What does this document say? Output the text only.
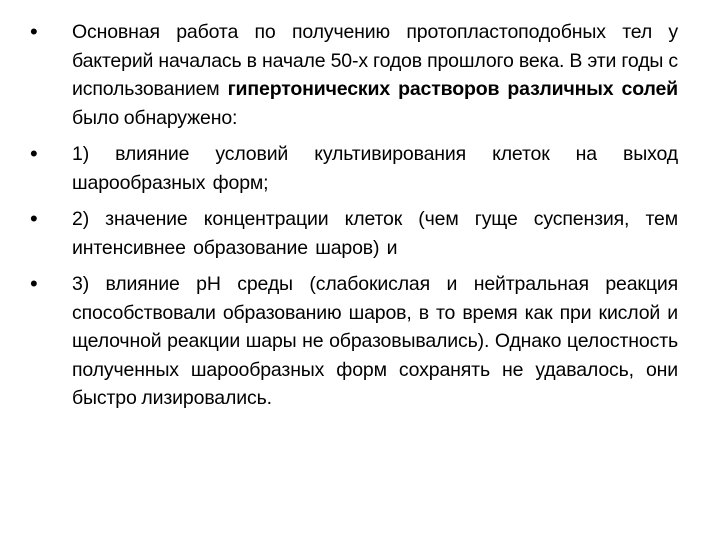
•	Основная работа по получению протопластоподобных тел у бактерий началась в начале 50-х годов прошлого века. В эти годы с использованием гипертонических растворов различных солей было обнаружено:
•	1) влияние условий культивирования клеток на выход шарообразных форм;
•	2) значение концентрации клеток (чем гуще суспензия, тем интенсивнее образование шаров) и
•	3) влияние рН среды (слабокислая и нейтральная реакция способствовали образованию шаров, в то время как при кислой и щелочной реакции шары не образовывались). Однако целостность полученных шарообразных форм сохранять не удавалось, они быстро лизировались.
